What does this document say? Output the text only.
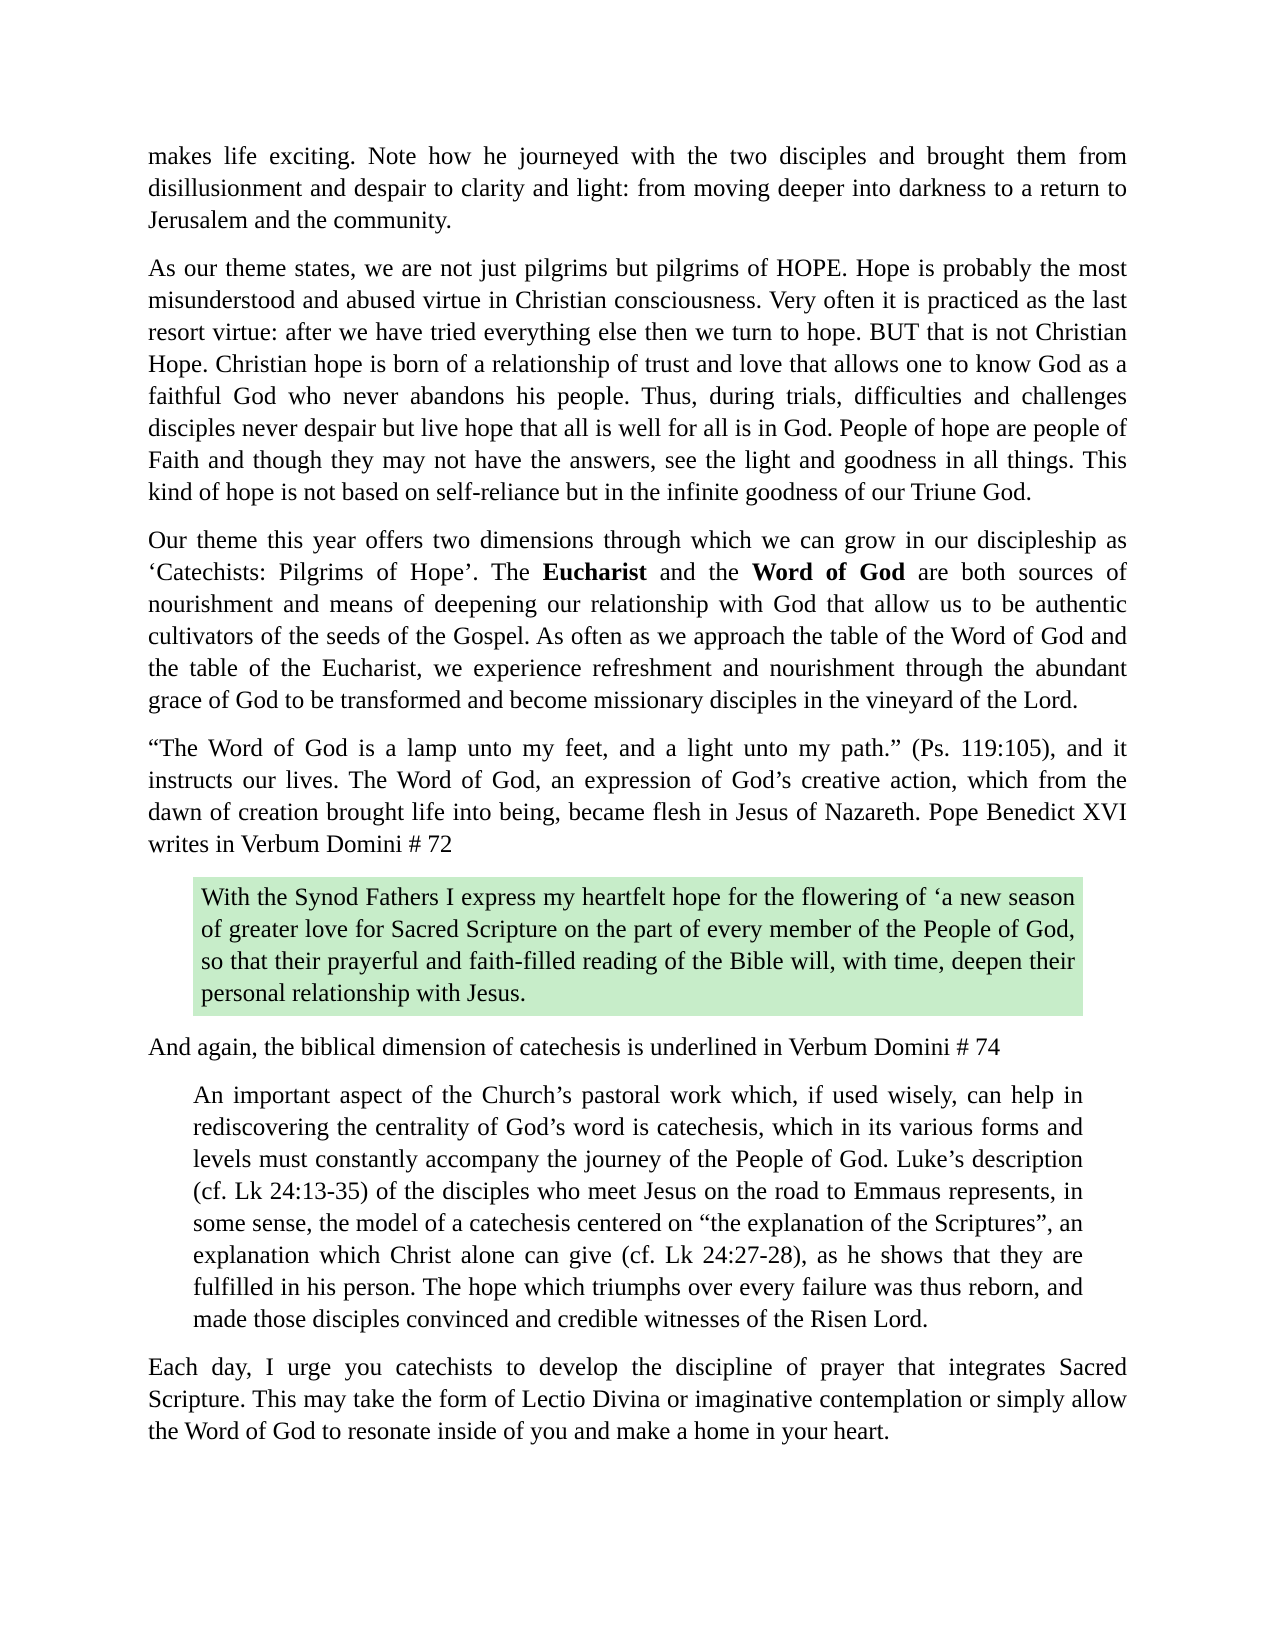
makes life exciting. Note how he journeyed with the two disciples and brought them from disillusionment and despair to clarity and light: from moving deeper into darkness to a return to Jerusalem and the community.

As our theme states, we are not just pilgrims but pilgrims of HOPE. Hope is probably the most misunderstood and abused virtue in Christian consciousness. Very often it is practiced as the last resort virtue: after we have tried everything else then we turn to hope. BUT that is not Christian Hope. Christian hope is born of a relationship of trust and love that allows one to know God as a faithful God who never abandons his people. Thus, during trials, difficulties and challenges disciples never despair but live hope that all is well for all is in God. People of hope are people of Faith and though they may not have the answers, see the light and goodness in all things. This kind of hope is not based on self-reliance but in the infinite goodness of our Triune God.

Our theme this year offers two dimensions through which we can grow in our discipleship as ‘Catechists: Pilgrims of Hope’. The Eucharist and the Word of God are both sources of nourishment and means of deepening our relationship with God that allow us to be authentic cultivators of the seeds of the Gospel. As often as we approach the table of the Word of God and the table of the Eucharist, we experience refreshment and nourishment through the abundant grace of God to be transformed and become missionary disciples in the vineyard of the Lord.

“The Word of God is a lamp unto my feet, and a light unto my path.” (Ps. 119:105), and it instructs our lives. The Word of God, an expression of God’s creative action, which from the dawn of creation brought life into being, became flesh in Jesus of Nazareth. Pope Benedict XVI writes in Verbum Domini # 72

With the Synod Fathers I express my heartfelt hope for the flowering of ‘a new season of greater love for Sacred Scripture on the part of every member of the People of God, so that their prayerful and faith-filled reading of the Bible will, with time, deepen their personal relationship with Jesus.

And again, the biblical dimension of catechesis is underlined in Verbum Domini # 74

An important aspect of the Church’s pastoral work which, if used wisely, can help in rediscovering the centrality of God’s word is catechesis, which in its various forms and levels must constantly accompany the journey of the People of God. Luke’s description (cf. Lk 24:13-35) of the disciples who meet Jesus on the road to Emmaus represents, in some sense, the model of a catechesis centered on “the explanation of the Scriptures”, an explanation which Christ alone can give (cf. Lk 24:27-28), as he shows that they are fulfilled in his person. The hope which triumphs over every failure was thus reborn, and made those disciples convinced and credible witnesses of the Risen Lord.

Each day, I urge you catechists to develop the discipline of prayer that integrates Sacred Scripture. This may take the form of Lectio Divina or imaginative contemplation or simply allow the Word of God to resonate inside of you and make a home in your heart.
